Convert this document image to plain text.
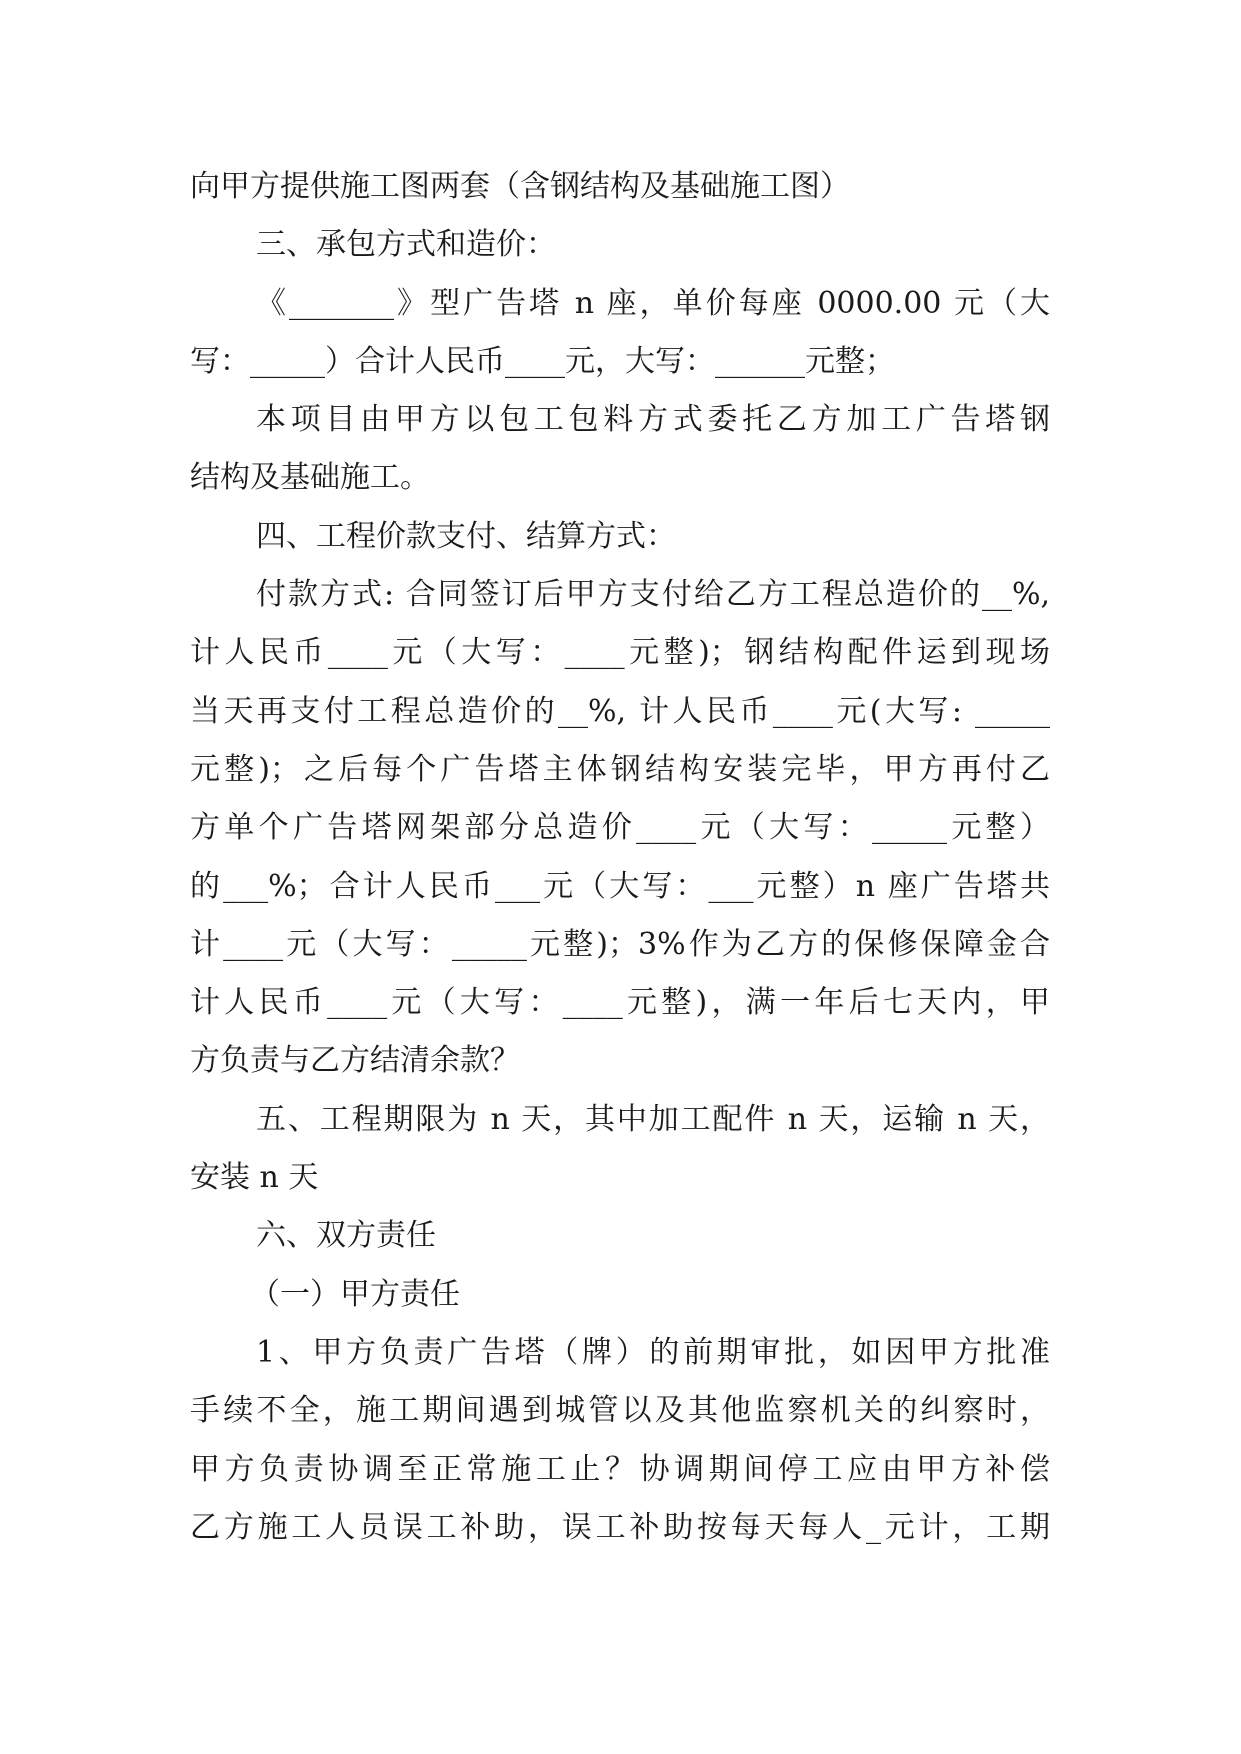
向甲方提供施工图两套（含钢结构及基础施工图）
三、承包方式和造价：
《_______》型广告塔 n 座，单价每座 0000.00 元（大
写：_____）合计人民币____元，大写：______元整；
本项目由甲方以包工包料方式委托乙方加工广告塔钢
结构及基础施工。
四、工程价款支付、结算方式：
付款方式: 合同签订后甲方支付给乙方工程总造价的__%,
计人民币____元（大写：____元整)；钢结构配件运到现场
当天再支付工程总造价的__%, 计人民币____元(大写: _____
元整)；之后每个广告塔主体钢结构安装完毕，甲方再付乙
方单个广告塔网架部分总造价____元（大写：_____元整）
的___%；合计人民币___元（大写：___元整）n 座广告塔共
计____元（大写：_____元整)；3%作为乙方的保修保障金合
计人民币____元（大写：____元整)，满一年后七天内，甲
方负责与乙方结清余款？
五、工程期限为 n 天，其中加工配件 n 天，运输 n 天，
安装 n 天
六、双方责任
（一）甲方责任
1、甲方负责广告塔（牌）的前期审批，如因甲方批准
手续不全，施工期间遇到城管以及其他监察机关的纠察时，
甲方负责协调至正常施工止？协调期间停工应由甲方补偿
乙方施工人员误工补助，误工补助按每天每人_元计，工期
